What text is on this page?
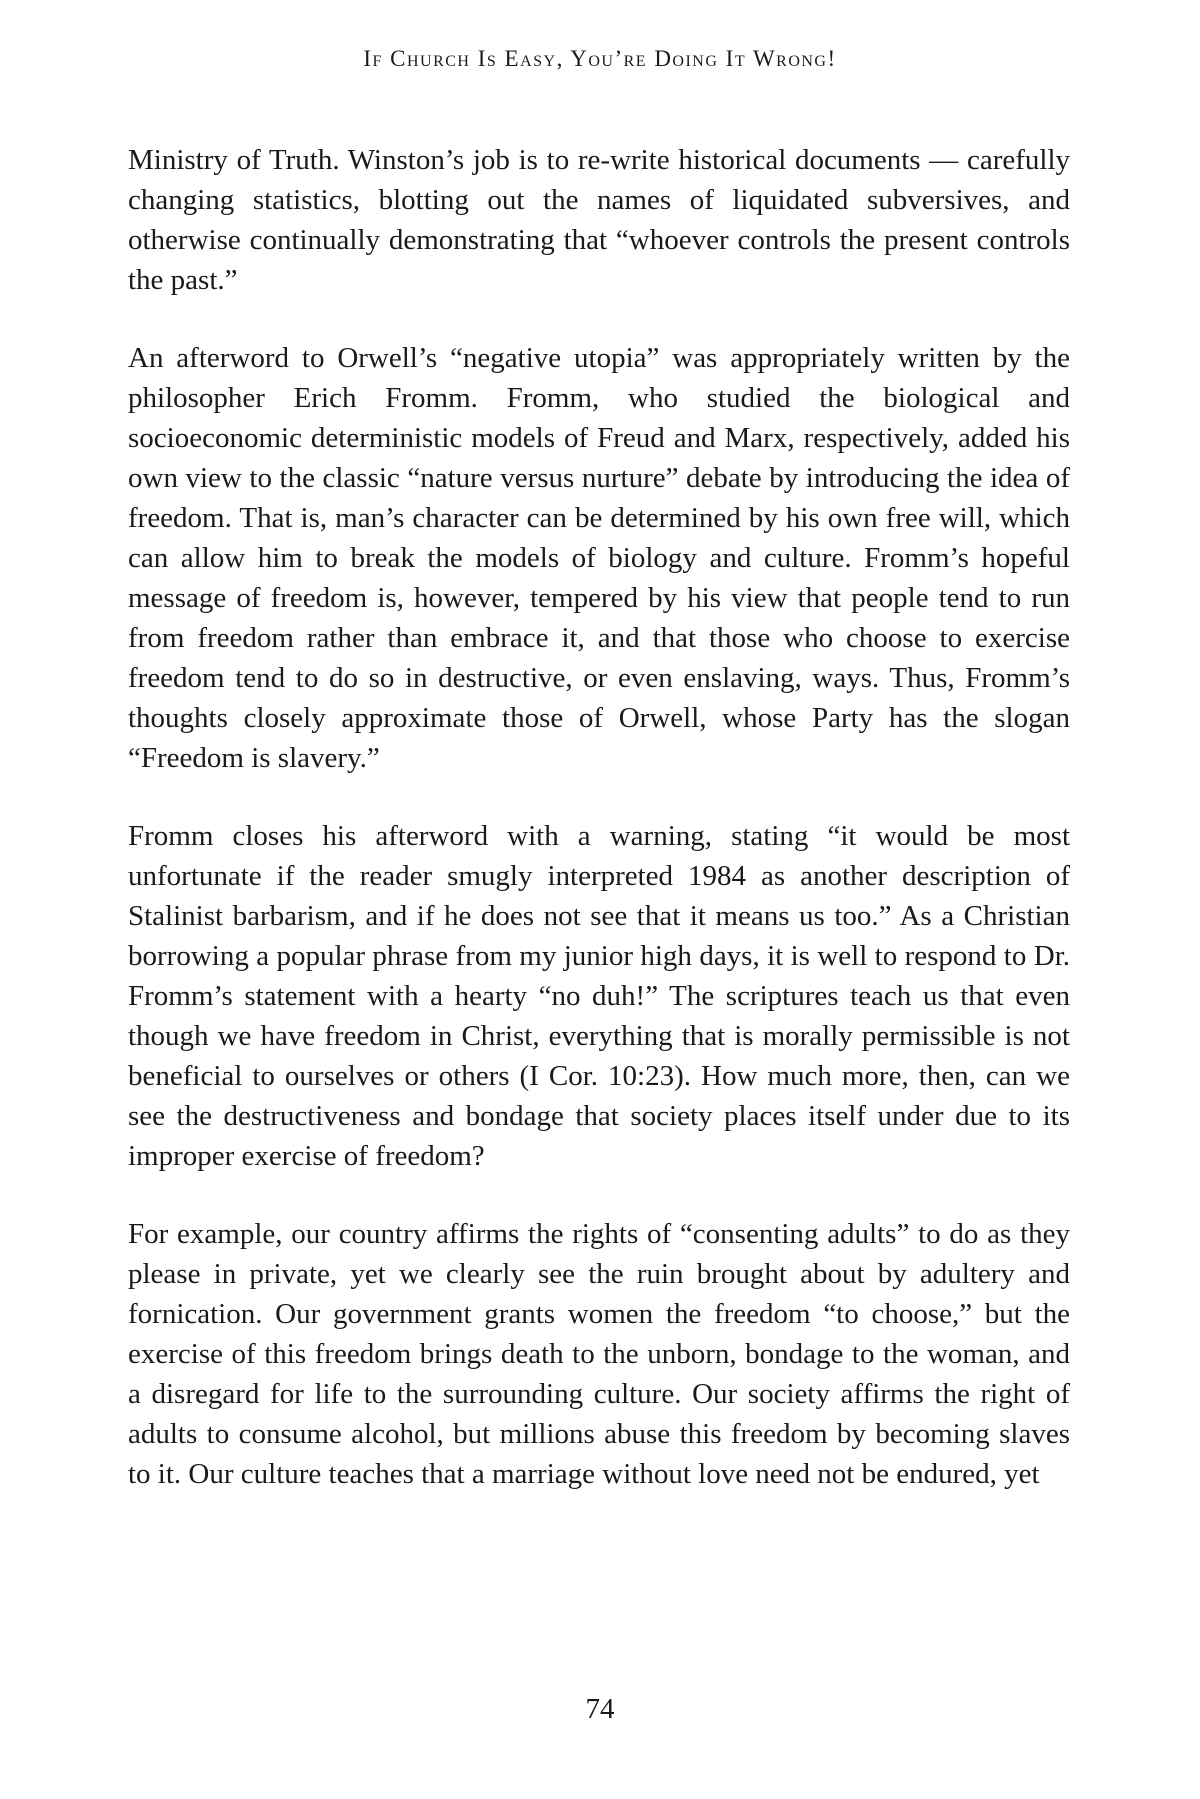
If Church Is Easy, You’re Doing It Wrong!

Ministry of Truth. Winston’s job is to re-write historical documents — carefully changing statistics, blotting out the names of liquidated subversives, and otherwise continually demonstrating that “whoever controls the present controls the past.”

An afterword to Orwell’s “negative utopia” was appropriately written by the philosopher Erich Fromm. Fromm, who studied the biological and socioeconomic deterministic models of Freud and Marx, respectively, added his own view to the classic “nature versus nurture” debate by introducing the idea of freedom. That is, man’s character can be determined by his own free will, which can allow him to break the models of biology and culture. Fromm’s hopeful message of freedom is, however, tempered by his view that people tend to run from freedom rather than embrace it, and that those who choose to exercise freedom tend to do so in destructive, or even enslaving, ways. Thus, Fromm’s thoughts closely approximate those of Orwell, whose Party has the slogan “Freedom is slavery.”

Fromm closes his afterword with a warning, stating “it would be most unfortunate if the reader smugly interpreted 1984 as another description of Stalinist barbarism, and if he does not see that it means us too.” As a Christian borrowing a popular phrase from my junior high days, it is well to respond to Dr. Fromm’s statement with a hearty “no duh!” The scriptures teach us that even though we have freedom in Christ, everything that is morally permissible is not beneficial to ourselves or others (I Cor. 10:23). How much more, then, can we see the destructiveness and bondage that society places itself under due to its improper exercise of freedom?

For example, our country affirms the rights of “consenting adults” to do as they please in private, yet we clearly see the ruin brought about by adultery and fornication. Our government grants women the freedom “to choose,” but the exercise of this freedom brings death to the unborn, bondage to the woman, and a disregard for life to the surrounding culture. Our society affirms the right of adults to consume alcohol, but millions abuse this freedom by becoming slaves to it. Our culture teaches that a marriage without love need not be endured, yet

74
